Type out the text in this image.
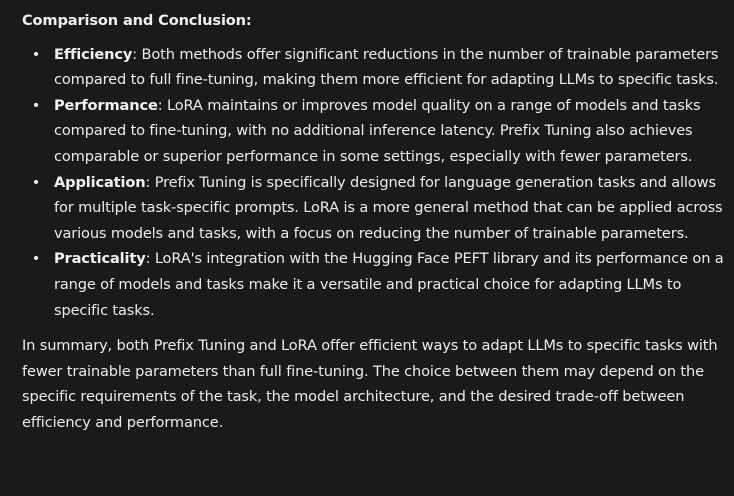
Comparison and Conclusion:

• Efficiency: Both methods offer significant reductions in the number of trainable parameters compared to full fine-tuning, making them more efficient for adapting LLMs to specific tasks.
• Performance: LoRA maintains or improves model quality on a range of models and tasks compared to fine-tuning, with no additional inference latency. Prefix Tuning also achieves comparable or superior performance in some settings, especially with fewer parameters.
• Application: Prefix Tuning is specifically designed for language generation tasks and allows for multiple task-specific prompts. LoRA is a more general method that can be applied across various models and tasks, with a focus on reducing the number of trainable parameters.
• Practicality: LoRA's integration with the Hugging Face PEFT library and its performance on a range of models and tasks make it a versatile and practical choice for adapting LLMs to specific tasks.

In summary, both Prefix Tuning and LoRA offer efficient ways to adapt LLMs to specific tasks with fewer trainable parameters than full fine-tuning. The choice between them may depend on the specific requirements of the task, the model architecture, and the desired trade-off between efficiency and performance.
